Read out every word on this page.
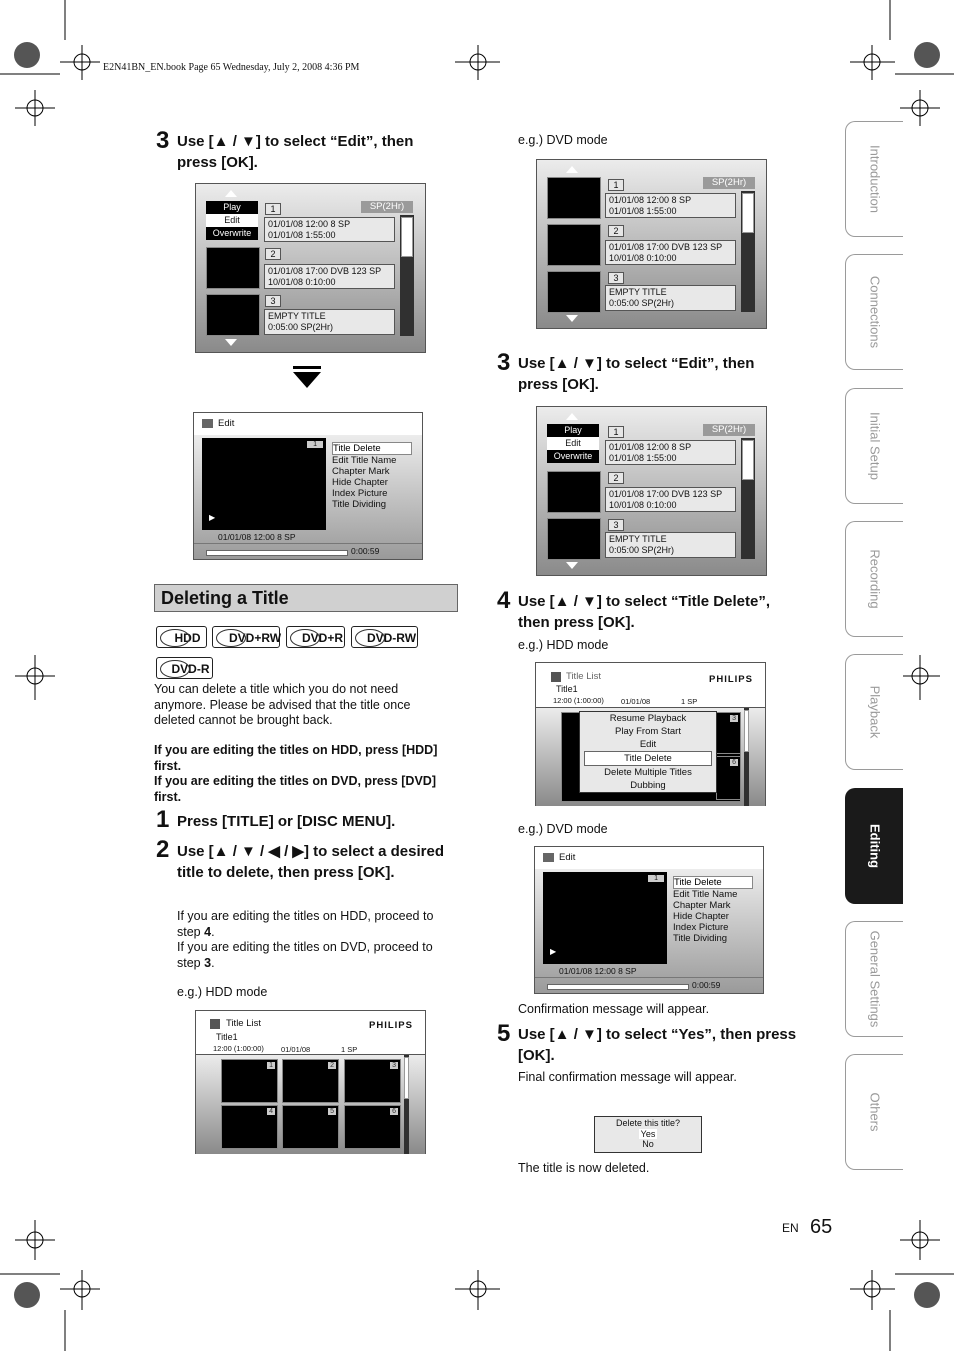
E2N41BN_EN.book Page 65 Wednesday, July 2, 2008 4:36 PM
3 Use [▲ / ▼] to select “Edit”, then press [OK].
Play
Edit
Overwrite
1	SP(2Hr)
01/01/08 12:00 8 SP
01/01/08 1:55:00
2
01/01/08 17:00 DVB 123 SP
10/01/08 0:10:00
3
EMPTY TITLE
0:05:00 SP(2Hr)
Edit
1
▶
Title Delete
Edit Title Name
Chapter Mark
Hide Chapter
Index Picture
Title Dividing
01/01/08 12:00 8 SP
0:00:59
Deleting a Title
HDD	DVD+RW	DVD+R	DVD-RW
DVD-R
You can delete a title which you do not need anymore. Please be advised that the title once deleted cannot be brought back.
If you are editing the titles on HDD, press [HDD] first.
If you are editing the titles on DVD, press [DVD] first.
1 Press [TITLE] or [DISC MENU].
2 Use [▲ / ▼ / ◀ / ▶] to select a desired title to delete, then press [OK].
If you are editing the titles on HDD, proceed to step 4.
If you are editing the titles on DVD, proceed to step 3.
e.g.) HDD mode
Title List	PHILIPS
Title1
12:00 (1:00:00) 01/01/08	1 SP
1	2	3
4	5	6
e.g.) DVD mode
1	SP(2Hr)
01/01/08 12:00 8 SP
01/01/08 1:55:00
2
01/01/08 17:00 DVB 123 SP
10/01/08 0:10:00
3
EMPTY TITLE
0:05:00 SP(2Hr)
3 Use [▲ / ▼] to select “Edit”, then press [OK].
Play
Edit
Overwrite
1	SP(2Hr)
01/01/08 12:00 8 SP
01/01/08 1:55:00
2
01/01/08 17:00 DVB 123 SP
10/01/08 0:10:00
3
EMPTY TITLE
0:05:00 SP(2Hr)
4 Use [▲ / ▼] to select “Title Delete”, then press [OK].
e.g.) HDD mode
Title List	PHILIPS
Title1
12:00 (1:00:00) 01/01/08	1 SP
3
6
Resume Playback
Play From Start
Edit
Title Delete
Delete Multiple Titles
Dubbing
e.g.) DVD mode
Edit
1
▶
Title Delete
Edit Title Name
Chapter Mark
Hide Chapter
Index Picture
Title Dividing
01/01/08 12:00 8 SP
0:00:59
Confirmation message will appear.
5 Use [▲ / ▼] to select “Yes”, then press [OK].
Final confirmation message will appear.
Delete this title?
Yes
No
The title is now deleted.
Introduction
Connections
Initial Setup
Recording
Playback
Editing
General Settings
Others
EN 65
